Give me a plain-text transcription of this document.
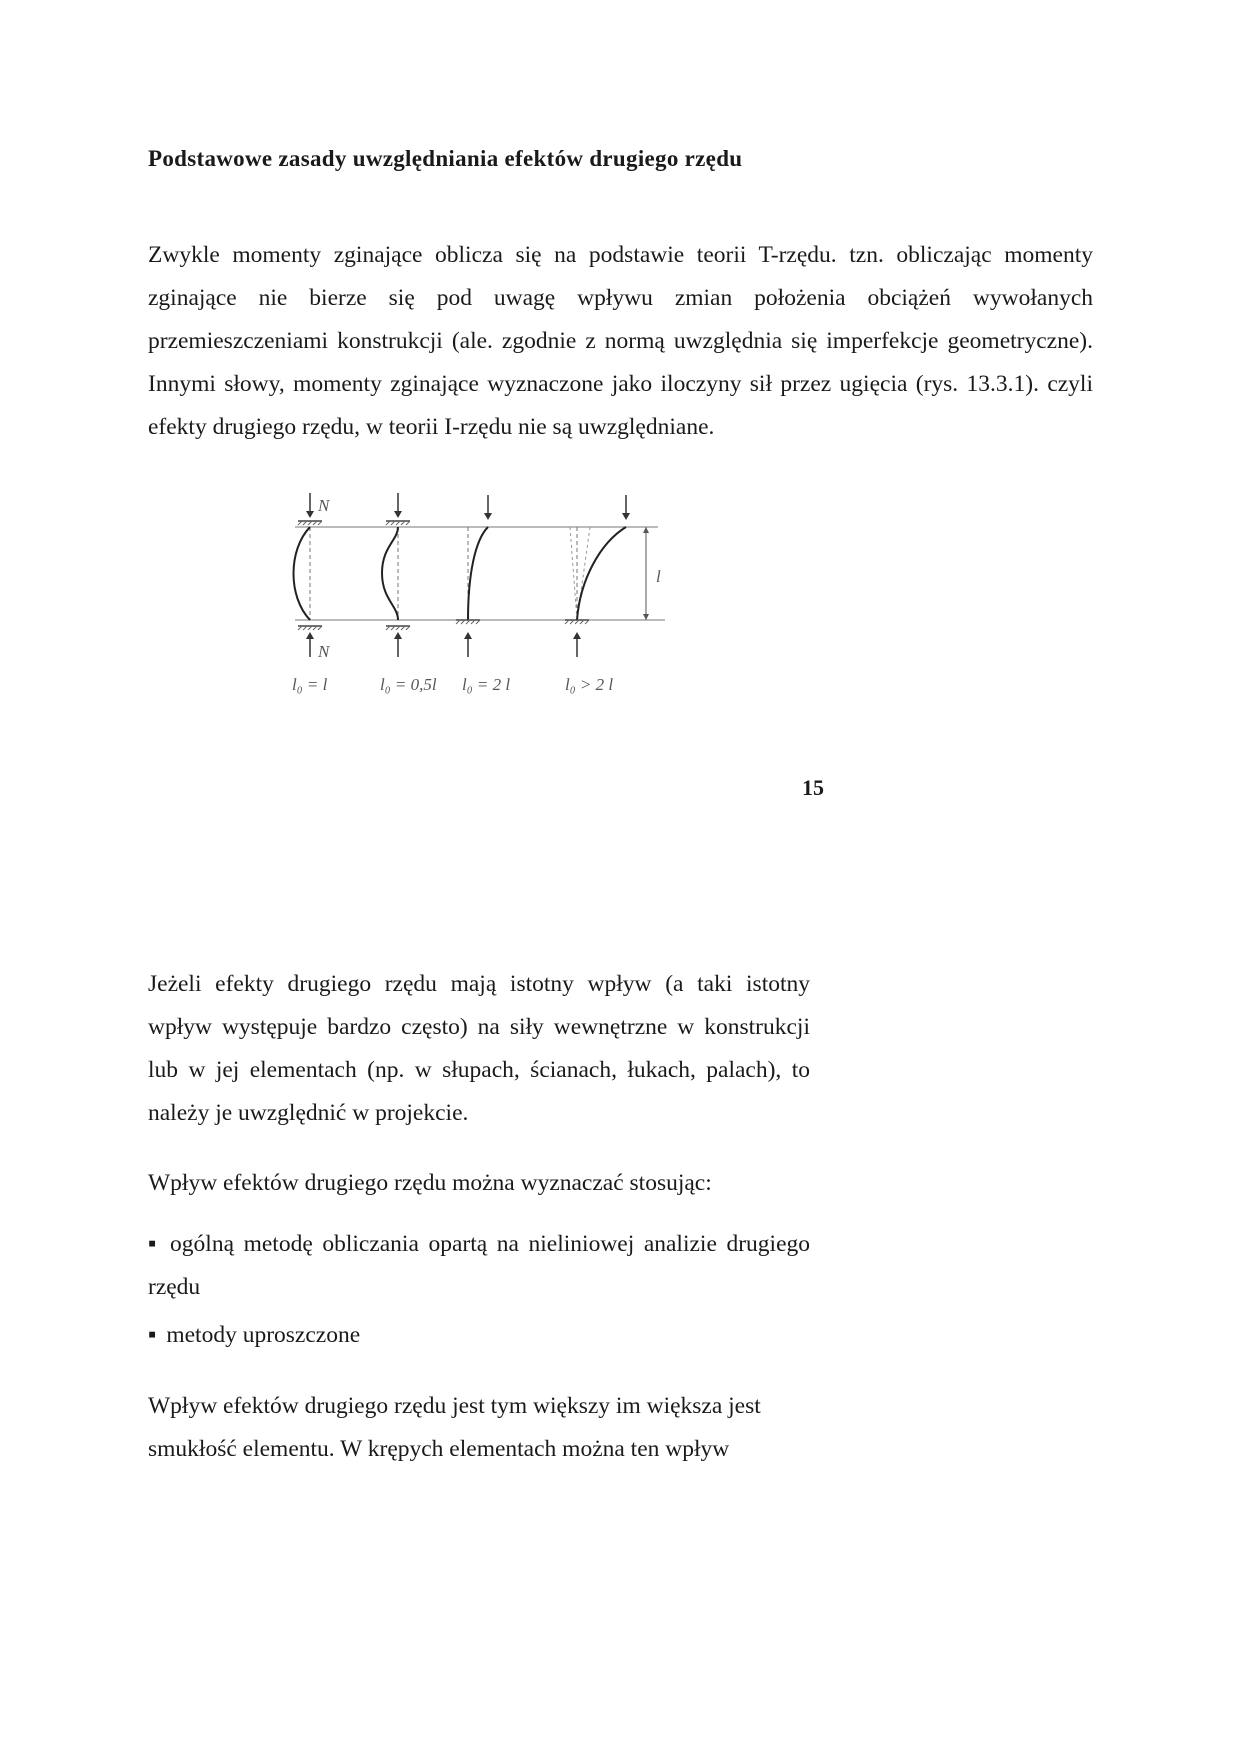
Podstawowe zasady uwzględniania efektów drugiego rzędu
Zwykle momenty zginające oblicza się na podstawie teorii T-rzędu. tzn. obliczając momenty zginające nie bierze się pod uwagę wpływu zmian położenia obciążeń wywołanych przemieszczeniami konstrukcji (ale. zgodnie z normą uwzględnia się imperfekcje geometryczne). Innymi słowy, momenty zginające wyznaczone jako iloczyny sił przez ugięcia (rys. 13.3.1). czyli efekty drugiego rzędu, w teorii I-rzędu nie są uwzględniane.
N
N
l
l₀ = l	l₀ = 0,5l l₀ = 2 l	l₀ > 2 l
15
Jeżeli efekty drugiego rzędu mają istotny wpływ (a taki istotny
wpływ występuje bardzo często) na siły wewnętrzne w konstrukcji lub w jej elementach (np. w słupach, ścianach, łukach, palach), to należy je uwzględnić w projekcie.
Wpływ efektów drugiego rzędu można wyznaczać stosując:
▪ ogólną metodę obliczania opartą na nieliniowej analizie drugiego rzędu
▪ metody uproszczone
Wpływ efektów drugiego rzędu jest tym większy im większa jest
smukłość elementu. W krępych elementach można ten wpływ
